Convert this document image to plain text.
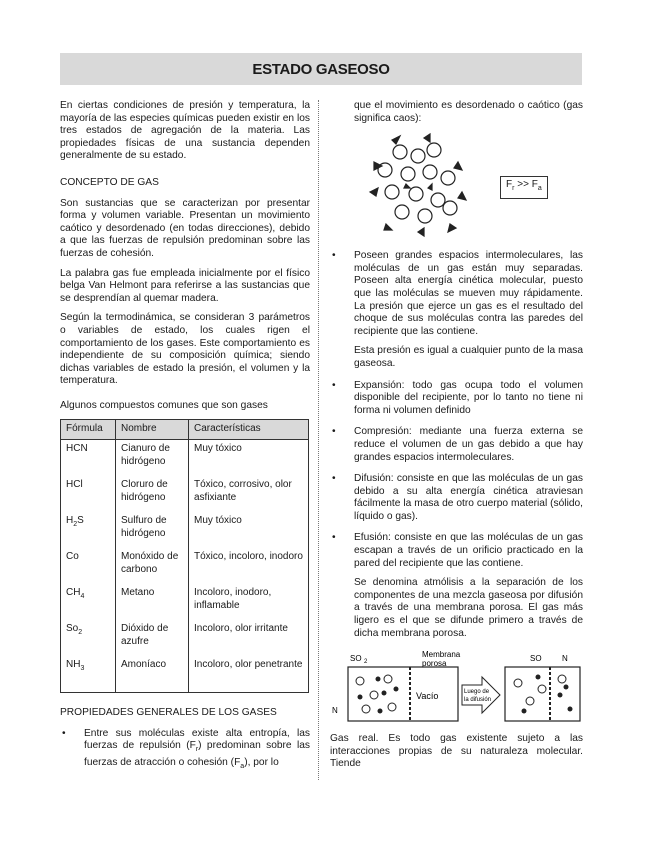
ESTADO GASEOSO

En ciertas condiciones de presión y temperatura, la mayoría de las especies químicas pueden existir en los tres estados de agregación de la materia. Las propiedades físicas de una sustancia dependen generalmente de su estado.

CONCEPTO DE GAS

Son sustancias que se caracterizan por presentar forma y volumen variable. Presentan un movimiento caótico y desordenado (en todas direcciones), debido a que las fuerzas de repulsión predominan sobre las fuerzas de cohesión.

La palabra gas fue empleada inicialmente por el físico belga Van Helmont para referirse a las sustancias que se desprendían al quemar madera.

Según la termodinámica, se consideran 3 parámetros o variables de estado, los cuales rigen el comportamiento de los gases. Este comportamiento es independiente de su composición química; siendo dichas variables de estado la presión, el volumen y la temperatura.

Algunos compuestos comunes que son gases

Fórmula	Nombre	Características
HCN	Cianuro de hidrógeno	Muy tóxico
HCl	Cloruro de hidrógeno	Tóxico, corrosivo, olor asfixiante
$H_2S$	Sulfuro de hidrógeno	Muy tóxico
Co	Monóxido de carbono	Tóxico, incoloro, inodoro
$CH_4$	Metano	Incoloro, inodoro, inflamable
$So_2$	Dióxido de azufre	Incoloro, olor irritante
$NH_3$	Amoníaco	Incoloro, olor penetrante
PROPIEDADES GENERALES DE LOS GASES
• Entre sus moléculas existe alta entropía, las fuerzas de repulsión $(F_r)$ predominan sobre las fuerzas de atracción o cohesión $(F_a)$, por lo

que el movimiento es desordenado o caótico (gas significa caos):

$F_r >> F_a$

• Poseen grandes espacios intermoleculares, las moléculas de un gas están muy separadas. Poseen alta energía cinética molecular, puesto que las moléculas se mueven muy rápidamente. La presión que ejerce un gas es el resultado del choque de sus moléculas contra las paredes del recipiente que las contiene.

Esta presión es igual a cualquier punto de la masa gaseosa.

• Expansión: todo gas ocupa todo el volumen disponible del recipiente, por lo tanto no tiene ni forma ni volumen definido

• Compresión: mediante una fuerza externa se reduce el volumen de un gas debido a que hay grandes espacios intermoleculares.

• Difusión: consiste en que las moléculas de un gas debido a su alta energía cinética atraviesan fácilmente la masa de otro cuerpo material (sólido, líquido o gas).

• Efusión: consiste en que las moléculas de un gas escapan a través de un orificio practicado en la pared del recipiente que las contiene.

Se denomina atmólisis a la separación de los componentes de una mezcla gaseosa por difusión a través de una membrana porosa. El gas más ligero es el que se difunde primero a través de dicha membrana porosa.

SO 2
Membrana
porosa
N
Vacío	Luego de
la difusión
SO	N

Gas real. Es todo gas existente sujeto a las interacciones propias de su naturaleza molecular. Tiende
